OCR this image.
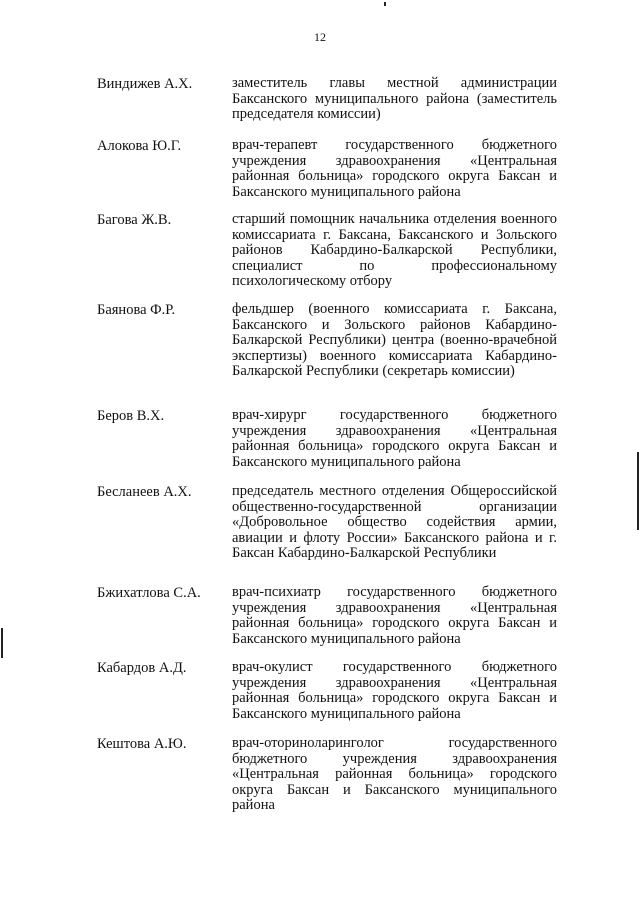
12
Виндижев А.Х.	заместитель главы местной администрации Баксанского муниципального района (заместитель председателя комиссии)
Алокова Ю.Г.	врач-терапевт государственного бюджетного учреждения здравоохранения «Центральная районная больница» городского округа Баксан и Баксанского муниципального района
Багова Ж.В.	старший помощник начальника отделения военного комиссариата г. Баксана, Баксанского и Зольского районов Кабардино-Балкарской Республики, специалист по профессиональному психологическому отбору
Баянова Ф.Р.	фельдшер (военного комиссариата г. Баксана, Баксанского и Зольского районов Кабардино-Балкарской Республики) центра (военно-врачебной экспертизы) военного комиссариата Кабардино-Балкарской Республики (секретарь комиссии)
Беров В.Х.	врач-хирург государственного бюджетного учреждения здравоохранения «Центральная районная больница» городского округа Баксан и Баксанского муниципального района
Бесланеев А.Х.	председатель местного отделения Общероссийской общественно-государственной организации «Добровольное общество содействия армии, авиации и флоту России» Баксанского района и г. Баксан Кабардино-Балкарской Республики
Бжихатлова С.А. врач-психиатр государственного бюджетного учреждения здравоохранения «Центральная районная больница» городского округа Баксан и Баксанского муниципального района
Кабардов А.Д.	врач-окулист государственного бюджетного учреждения здравоохранения «Центральная районная больница» городского округа Баксан и Баксанского муниципального района
Кештова А.Ю.	врач-оториноларинголог государственного бюджетного учреждения здравоохранения «Центральная районная больница» городского округа Баксан и Баксанского муниципального района
